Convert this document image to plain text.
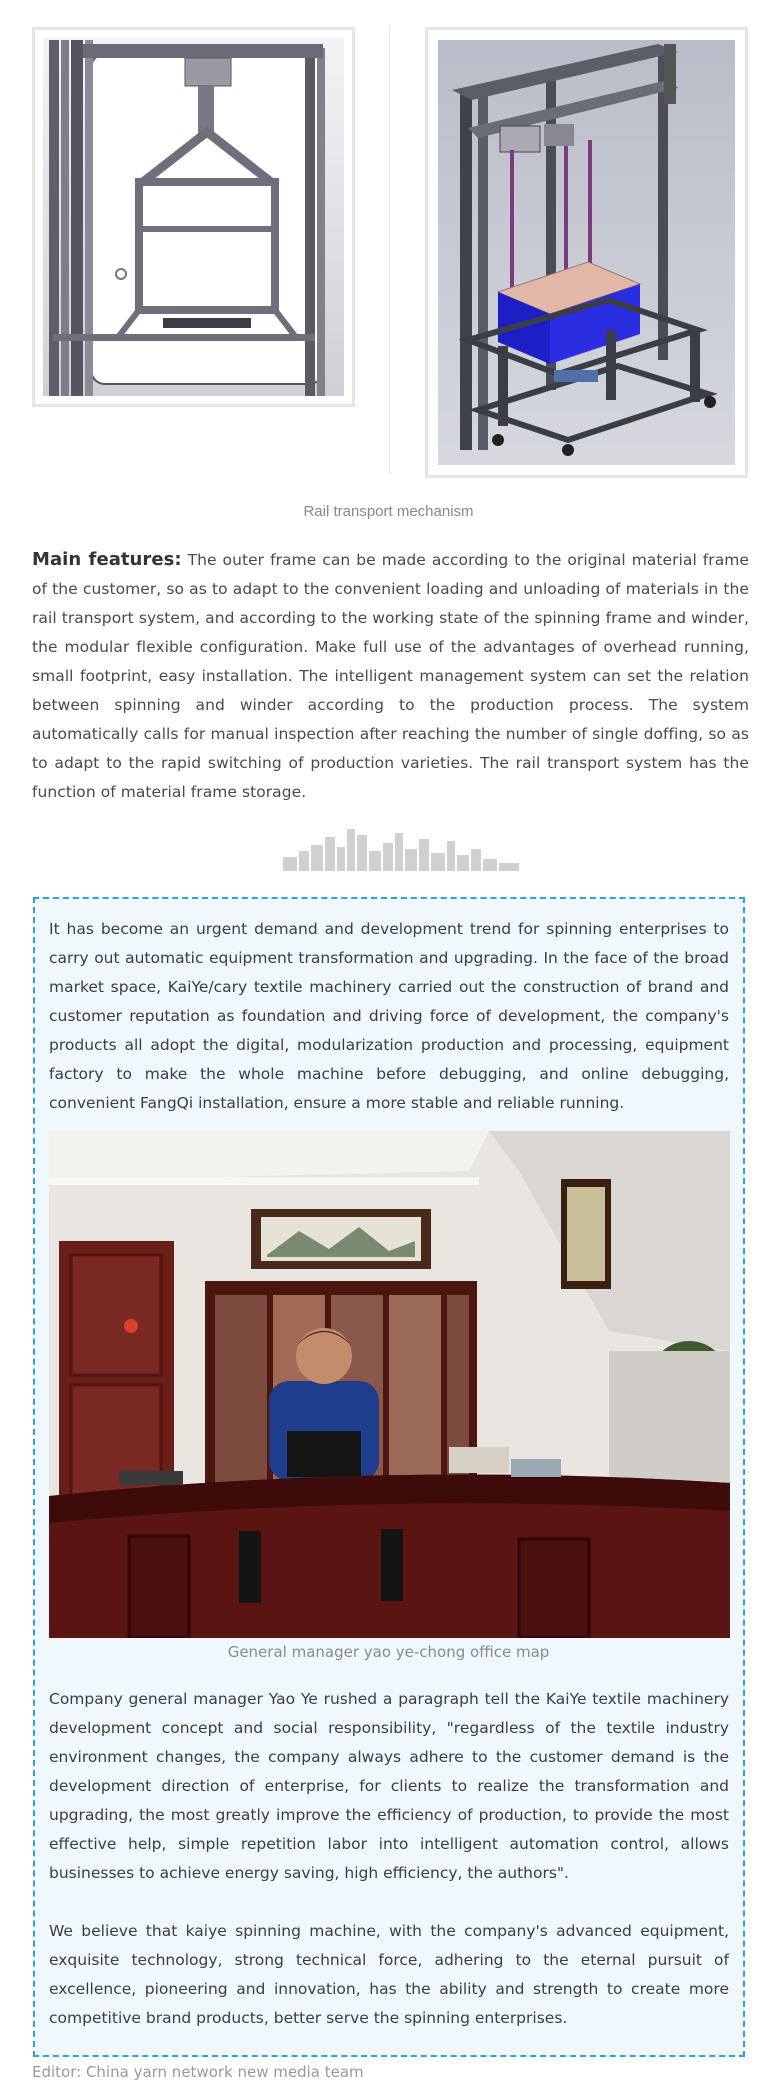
Rail transport mechanism
Main features: The outer frame can be made according to the original material frame of the customer, so as to adapt to the convenient loading and unloading of materials in the rail transport system, and according to the working state of the spinning frame and winder, the modular flexible configuration. Make full use of the advantages of overhead running, small footprint, easy installation. The intelligent management system can set the relation between spinning and winder according to the production process. The system automatically calls for manual inspection after reaching the number of single doffing, so as to adapt to the rapid switching of production varieties. The rail transport system has the function of material frame storage.
It has become an urgent demand and development trend for spinning enterprises to carry out automatic equipment transformation and upgrading. In the face of the broad market space, KaiYe/cary textile machinery carried out the construction of brand and customer reputation as foundation and driving force of development, the company's products all adopt the digital, modularization production and processing, equipment factory to make the whole machine before debugging, and online debugging, convenient FangQi installation, ensure a more stable and reliable running.
General manager yao ye-chong office map
Company general manager Yao Ye rushed a paragraph tell the KaiYe textile machinery development concept and social responsibility, "regardless of the textile industry environment changes, the company always adhere to the customer demand is the development direction of enterprise, for clients to realize the transformation and upgrading, the most greatly improve the efficiency of production, to provide the most effective help, simple repetition labor into intelligent automation control, allows businesses to achieve energy saving, high efficiency, the authors".
We believe that kaiye spinning machine, with the company's advanced equipment, exquisite technology, strong technical force, adhering to the eternal pursuit of excellence, pioneering and innovation, has the ability and strength to create more competitive brand products, better serve the spinning enterprises.
Editor: China yarn network new media team
